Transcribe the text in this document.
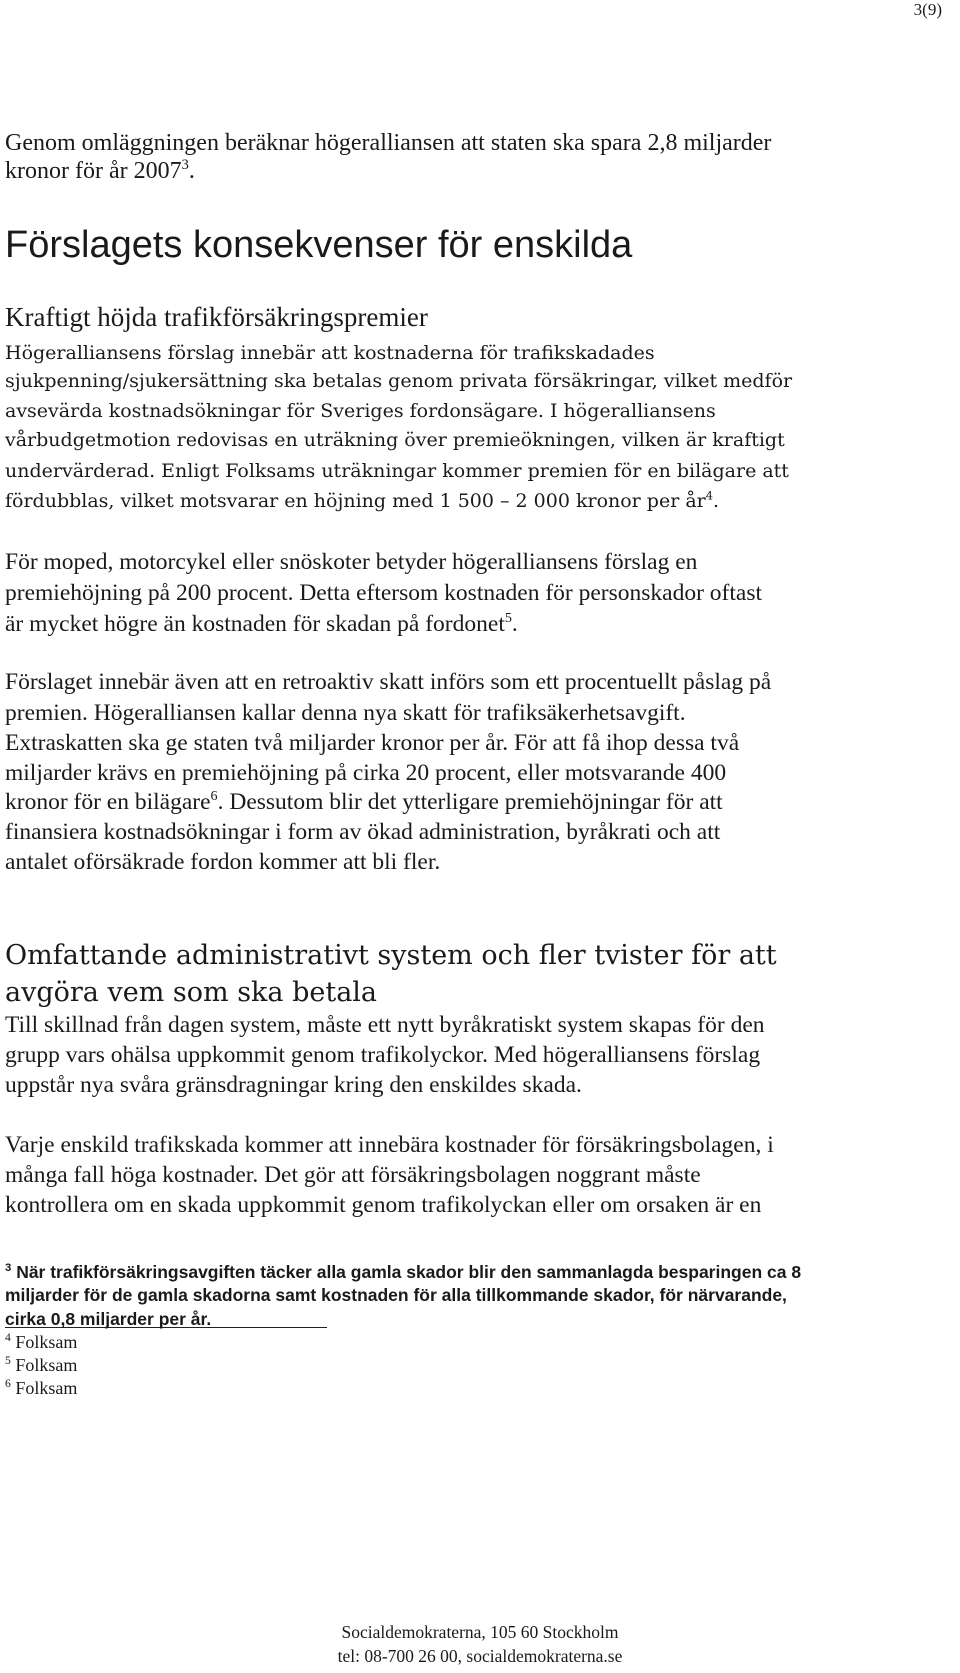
3(9)
Genom omläggningen beräknar högeralliansen att staten ska spara 2,8 miljarder
kronor för år 2007$^3$.
Förslagets konsekvenser för enskilda
Kraftigt höjda trafikförsäkringspremier
Högeralliansens förslag innebär att kostnaderna för trafikskadades
sjukpenning/sjukersättning ska betalas genom privata försäkringar, vilket medför
avsevärda kostnadsökningar för Sveriges fordonsägare. I högeralliansens
vårbudgetmotion redovisas en uträkning över premieökningen, vilken är kraftigt
undervärderad. Enligt Folksams uträkningar kommer premien för en bilägare att
fördubblas, vilket motsvarar en höjning med 1 500 – 2 000 kronor per $år^4$.
För moped, motorcykel eller snöskoter betyder högeralliansens förslag en
premiehöjning på 200 procent. Detta eftersom kostnaden för personskador oftast
är mycket högre än kostnaden för skadan på fordonet$^5$.
Förslaget innebär även att en retroaktiv skatt införs som ett procentuellt påslag på
premien. Högeralliansen kallar denna nya skatt för trafiksäkerhetsavgift.
Extraskatten ska ge staten två miljarder kronor per år. För att få ihop dessa två
miljarder krävs en premiehöjning på cirka 20 procent, eller motsvarande 400
kronor för en bilägare$^6$. Dessutom blir det ytterligare premiehöjningar för att
finansiera kostnadsökningar i form av ökad administration, byråkrati och att
antalet oförsäkrade fordon kommer att bli fler.
Omfattande administrativt system och fler tvister för att
avgöra vem som ska betala
Till skillnad från dagen system, måste ett nytt byråkratiskt system skapas för den
grupp vars ohälsa uppkommit genom trafikolyckor. Med högeralliansens förslag
uppstår nya svåra gränsdragningar kring den enskildes skada.
Varje enskild trafikskada kommer att innebära kostnader för försäkringsbolagen, i
många fall höga kostnader. Det gör att försäkringsbolagen noggrant måste
kontrollera om en skada uppkommit genom trafikolyckan eller om orsaken är en
$^3$ När trafikförsäkringsavgiften täcker alla gamla skador blir den sammanlagda besparingen ca 8
miljarder för de gamla skadorna samt kostnaden för alla tillkommande skador, för närvarande,
cirka 0,8 miljarder per år.
$^4$ Folksam
$^5$ Folksam
$^6$ Folksam
Socialdemokraterna, 105 60 Stockholm
tel: 08-700 26 00, socialdemokraterna.se
